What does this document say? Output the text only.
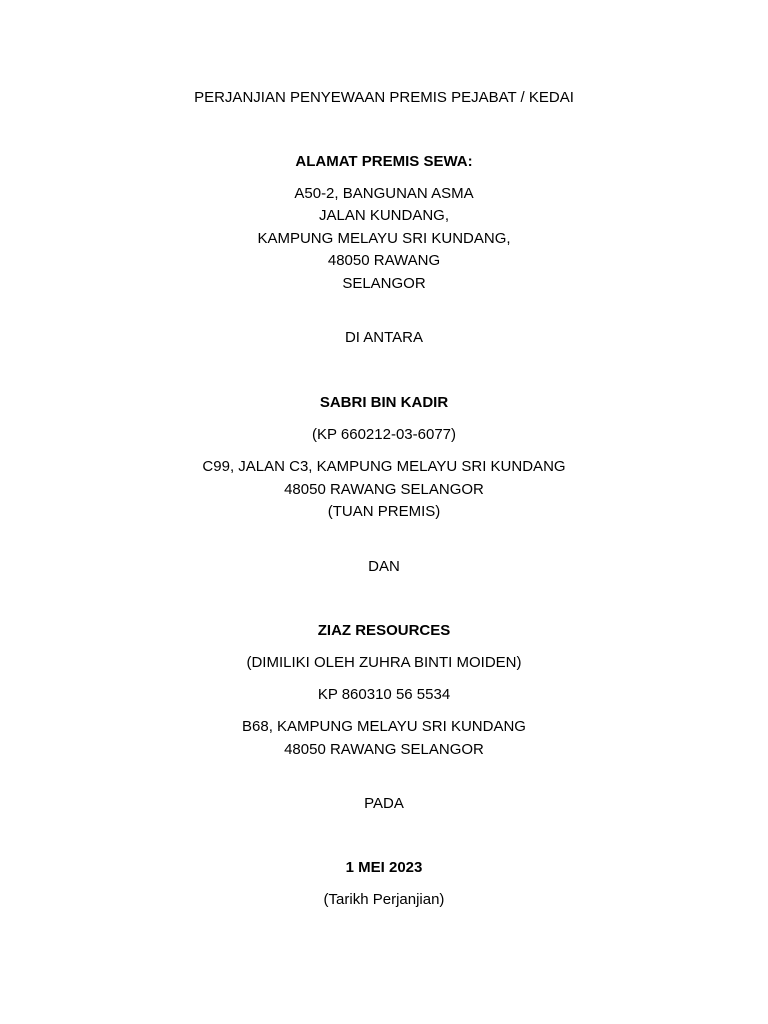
PERJANJIAN PENYEWAAN PREMIS PEJABAT / KEDAI
ALAMAT PREMIS SEWA:
A50-2, BANGUNAN ASMA
JALAN KUNDANG,
KAMPUNG MELAYU SRI KUNDANG,
48050 RAWANG
SELANGOR
DI ANTARA
SABRI BIN KADIR
(KP 660212-03-6077)
C99, JALAN C3, KAMPUNG MELAYU SRI KUNDANG
48050 RAWANG SELANGOR
(TUAN PREMIS)
DAN
ZIAZ RESOURCES
(DIMILIKI OLEH ZUHRA BINTI MOIDEN)
KP 860310 56 5534
B68, KAMPUNG MELAYU SRI KUNDANG
48050 RAWANG SELANGOR
PADA
1 MEI 2023
(Tarikh Perjanjian)
